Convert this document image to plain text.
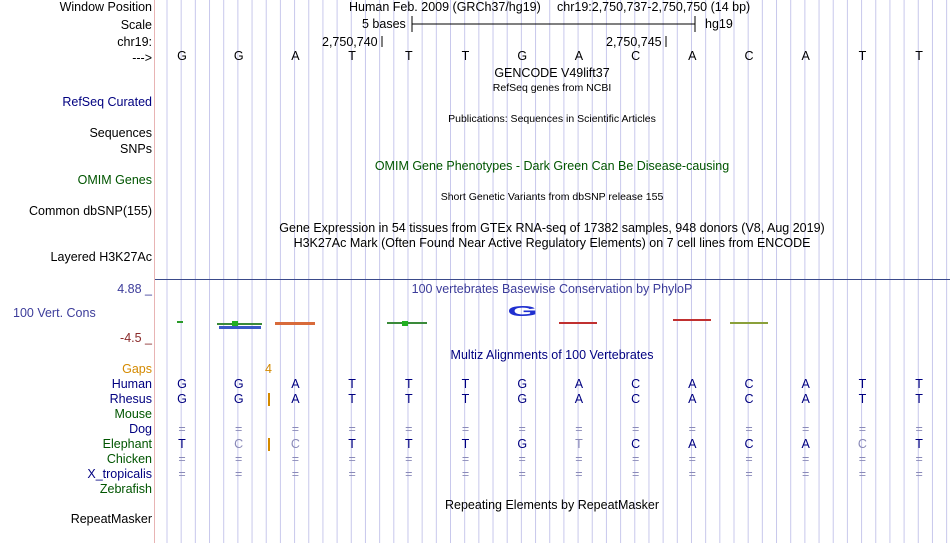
Window Position
Scale
chr19:
--->
Human Feb. 2009 (GRCh37/hg19) chr19:2,750,737-2,750,750 (14 bp)
5 bases	hg19
2,750,740	2,750,745
G	G	A	T	T	T	G	A	C	A	C	A	T	T
GENCODE V49lift37
RefSeq genes from NCBI
RefSeq Curated
Publications: Sequences in Scientific Articles
Sequences
SNPs
OMIM Gene Phenotypes - Dark Green Can Be Disease-causing
OMIM Genes
Short Genetic Variants from dbSNP release 155
Common dbSNP(155)
Gene Expression in 54 tissues from GTEx RNA-seq of 17382 samples, 948 donors (V8, Aug 2019)
H3K27Ac Mark (Often Found Near Active Regulatory Elements) on 7 cell lines from ENCODE
Layered H3K27Ac
4.88 _	100 vertebrates Basewise Conservation by PhyloP
100 Vert. Cons
-4.5 _
G
Multiz Alignments of 100 Vertebrates
Gaps	4
Human	G	G	A	T	T	T	G	A	C	A	C	A	T	T
Rhesus	G	G	A	T	T	T	G	A	C	A	C	A	T	T
Mouse
Dog	=	=	=	=	=	=	=	=	=	=	=	=	=	=
Elephant	T	C	C	T	T	T	G	T	C	A	C	A	C	T
Chicken	=	=	=	=	=	=	=	=	=	=	=	=	=	=
X_tropicalis	=	=	=	=	=	=	=	=	=	=	=	=	=	=
Zebrafish
Repeating Elements by RepeatMasker
RepeatMasker
